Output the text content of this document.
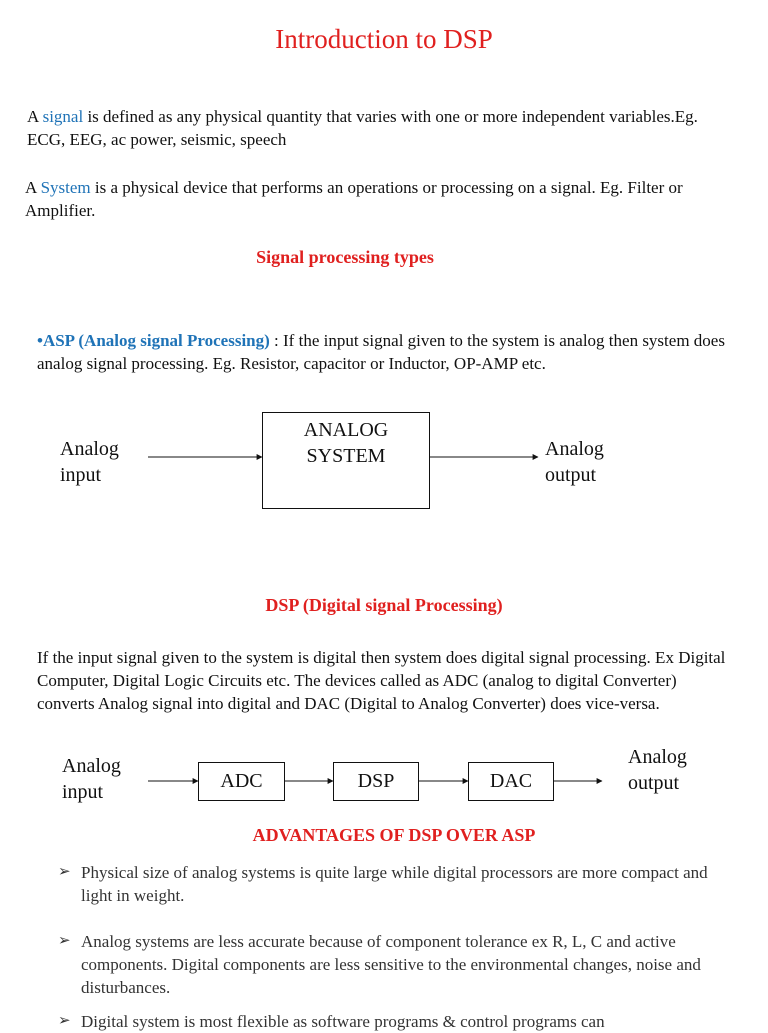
Introduction to DSP
A signal is defined as any physical quantity that varies with one or more independent variables.Eg. ECG, EEG, ac power, seismic, speech
A System is a physical device that performs an operations or processing on a signal. Eg. Filter or Amplifier.
Signal processing types
•ASP (Analog signal Processing) : If the input signal given to the system is analog then system does analog signal processing. Eg. Resistor, capacitor or Inductor, OP-AMP etc.
Analog
input
ANALOG
SYSTEM	Analog
output
DSP (Digital signal Processing)
If the input signal given to the system is digital then system does digital signal processing. Ex Digital Computer, Digital Logic Circuits etc. The devices called as ADC (analog to digital Converter) converts Analog signal into digital and DAC (Digital to Analog Converter) does vice-versa.
Analog
input	ADC	DSP	DAC
Analog
output
ADVANTAGES OF DSP OVER ASP
➢ Physical size of analog systems is quite large while digital processors are more compact and light in weight.
➢ Analog systems are less accurate because of component tolerance ex R, L, C and active components. Digital components are less sensitive to the environmental changes, noise and disturbances.
➢ Digital system is most flexible as software programs & control programs can
